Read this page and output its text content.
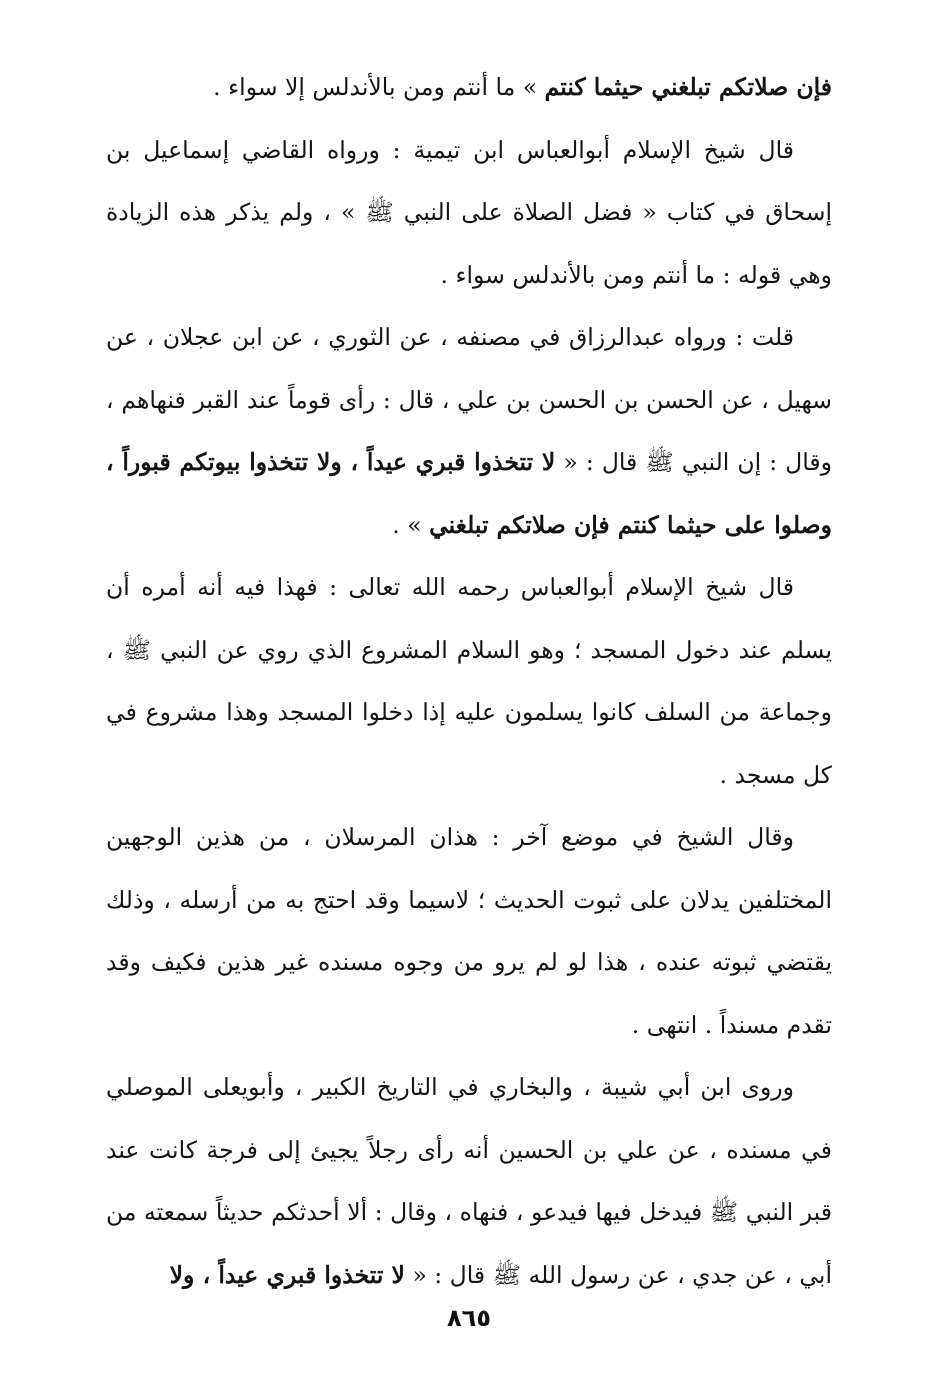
فإن صلاتكم تبلغني حيثما كنتم » ما أنتم ومن بالأندلس إلا سواء .

قال شيخ الإسلام أبوالعباس ابن تيمية : ورواه القاضي إسماعيل بن إسحاق في كتاب « فضل الصلاة على النبي ﷺ » ، ولم يذكر هذه الزيادة وهي قوله : ما أنتم ومن بالأندلس سواء .

قلت : ورواه عبدالرزاق في مصنفه ، عن الثوري ، عن ابن عجلان ، عن سهيل ، عن الحسن بن الحسن بن علي ، قال : رأى قوماً عند القبر فنهاهم ، وقال : إن النبي ﷺ قال : « لا تتخذوا قبري عيداً ، ولا تتخذوا بيوتكم قبوراً ، وصلوا على حيثما كنتم فإن صلاتكم تبلغني » .

قال شيخ الإسلام أبوالعباس رحمه الله تعالى : فهذا فيه أنه أمره أن يسلم عند دخول المسجد ؛ وهو السلام المشروع الذي روي عن النبي ﷺ ، وجماعة من السلف كانوا يسلمون عليه إذا دخلوا المسجد وهذا مشروع في كل مسجد .

وقال الشيخ في موضع آخر : هذان المرسلان ، من هذين الوجهين المختلفين يدلان على ثبوت الحديث ؛ لاسيما وقد احتج به من أرسله ، وذلك يقتضي ثبوته عنده ، هذا لو لم يرو من وجوه مسنده غير هذين فكيف وقد تقدم مسنداً . انتهى .

وروى ابن أبي شيبة ، والبخاري في التاريخ الكبير ، وأبويعلى الموصلي في مسنده ، عن علي بن الحسين أنه رأى رجلاً يجيئ إلى فرجة كانت عند قبر النبي ﷺ فيدخل فيها فيدعو ، فنهاه ، وقال : ألا أحدثكم حديثاً سمعته من أبي ، عن جدي ، عن رسول الله ﷺ قال : « لا تتخذوا قبري عيداً ، ولا

٨٦٥
